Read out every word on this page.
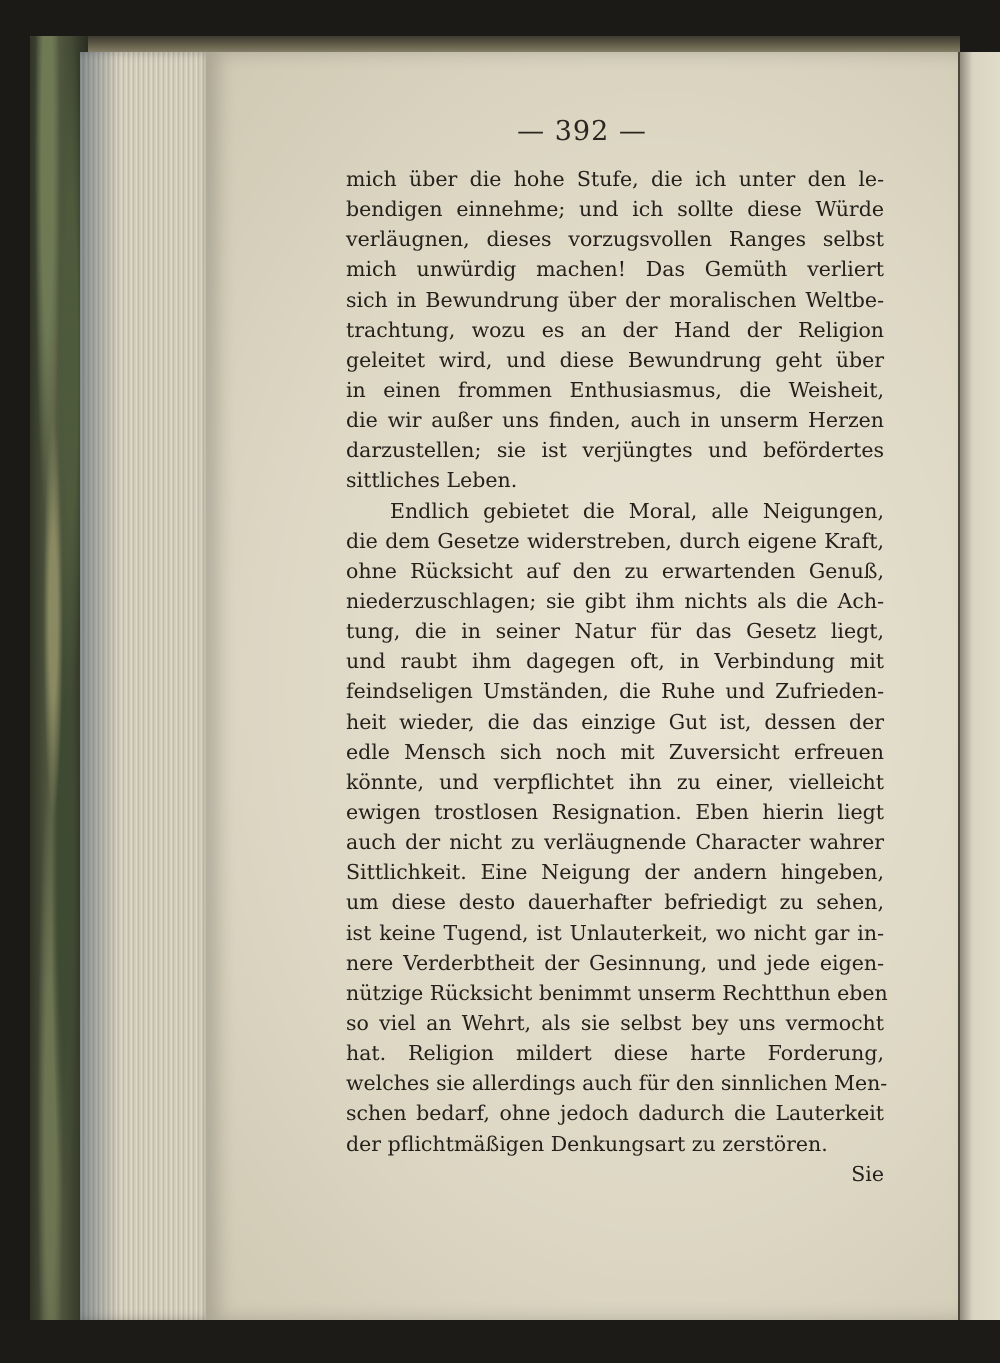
— 392 —
mich über die hohe Stufe, die ich unter den le-
bendigen einnehme; und ich sollte diese Würde
verläugnen, dieses vorzugsvollen Ranges selbst
mich unwürdig machen! Das Gemüth verliert
sich in Bewundrung über der moralischen Weltbe-
trachtung, wozu es an der Hand der Religion
geleitet wird, und diese Bewundrung geht über
in einen frommen Enthusiasmus, die Weisheit,
die wir außer uns finden, auch in unserm Herzen
darzustellen; sie ist verjüngtes und befördertes
sittliches Leben.
Endlich gebietet die Moral, alle Neigungen,
die dem Gesetze widerstreben, durch eigene Kraft,
ohne Rücksicht auf den zu erwartenden Genuß,
niederzuschlagen; sie gibt ihm nichts als die Ach-
tung, die in seiner Natur für das Gesetz liegt,
und raubt ihm dagegen oft, in Verbindung mit
feindseligen Umständen, die Ruhe und Zufrieden-
heit wieder, die das einzige Gut ist, dessen der
edle Mensch sich noch mit Zuversicht erfreuen
könnte, und verpflichtet ihn zu einer, vielleicht
ewigen trostlosen Resignation. Eben hierin liegt
auch der nicht zu verläugnende Character wahrer
Sittlichkeit. Eine Neigung der andern hingeben,
um diese desto dauerhafter befriedigt zu sehen,
ist keine Tugend, ist Unlauterkeit, wo nicht gar in-
nere Verderbtheit der Gesinnung, und jede eigen-
nützige Rücksicht benimmt unserm Rechtthun eben
so viel an Wehrt, als sie selbst bey uns vermocht
hat. Religion mildert diese harte Forderung,
welches sie allerdings auch für den sinnlichen Men-
schen bedarf, ohne jedoch dadurch die Lauterkeit
der pflichtmäßigen Denkungsart zu zerstören.
Sie
